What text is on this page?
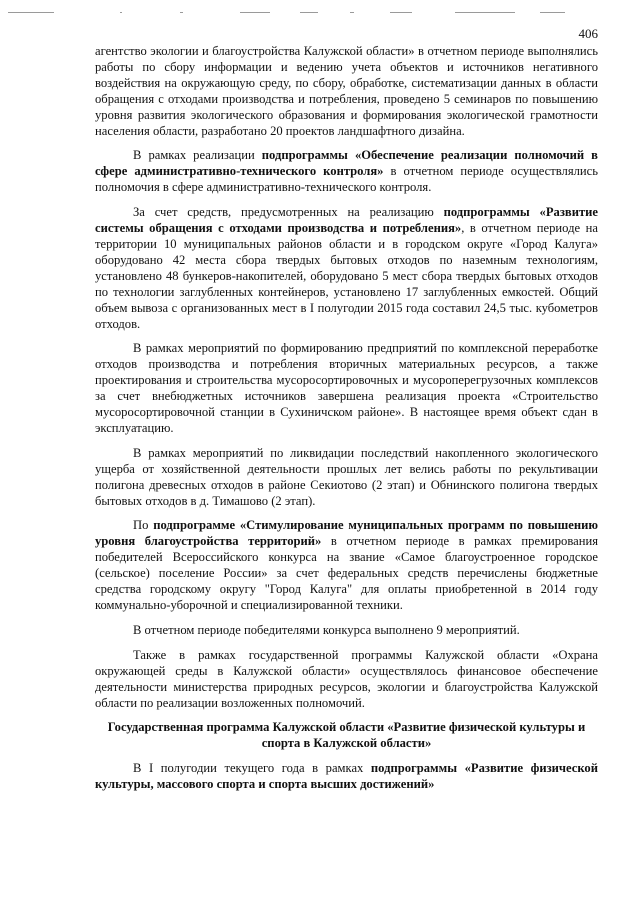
406

агентство экологии и благоустройства Калужской области» в отчетном периоде выполнялись работы по сбору информации и ведению учета объектов и источников негативного воздействия на окружающую среду, по сбору, обработке, систематизации данных в области обращения с отходами производства и потребления, проведено 5 семинаров по повышению уровня развития экологического образования и формирования экологической грамотности населения области, разработано 20 проектов ландшафтного дизайна.

В рамках реализации подпрограммы «Обеспечение реализации полномочий в сфере административно-технического контроля» в отчетном периоде осуществлялись полномочия в сфере административно-технического контроля.

За счет средств, предусмотренных на реализацию подпрограммы «Развитие системы обращения с отходами производства и потребления», в отчетном периоде на территории 10 муниципальных районов области и в городском округе «Город Калуга» оборудовано 42 места сбора твердых бытовых отходов по наземным технологиям, установлено 48 бункеров-накопителей, оборудовано 5 мест сбора твердых бытовых отходов по технологии заглубленных контейнеров, установлено 17 заглубленных емкостей. Общий объем вывоза с организованных мест в I полугодии 2015 года составил 24,5 тыс. кубометров отходов.

В рамках мероприятий по формированию предприятий по комплексной переработке отходов производства и потребления вторичных материальных ресурсов, а также проектирования и строительства мусоросортировочных и мусороперегрузочных комплексов за счет внебюджетных источников завершена реализация проекта «Строительство мусоросортировочной станции в Сухиничском районе». В настоящее время объект сдан в эксплуатацию.

В рамках мероприятий по ликвидации последствий накопленного экологического ущерба от хозяйственной деятельности прошлых лет велись работы по рекультивации полигона древесных отходов в районе Секиотово (2 этап) и Обнинского полигона твердых бытовых отходов в д. Тимашово (2 этап).

По подпрограмме «Стимулирование муниципальных программ по повышению уровня благоустройства территорий» в отчетном периоде в рамках премирования победителей Всероссийского конкурса на звание «Самое благоустроенное городское (сельское) поселение России» за счет федеральных средств перечислены бюджетные средства городскому округу "Город Калуга" для оплаты приобретенной в 2014 году коммунально-уборочной и специализированной техники.

В отчетном периоде победителями конкурса выполнено 9 мероприятий.

Также в рамках государственной программы Калужской области «Охрана окружающей среды в Калужской области» осуществлялось финансовое обеспечение деятельности министерства природных ресурсов, экологии и благоустройства Калужской области по реализации возложенных полномочий.

Государственная программа Калужской области «Развитие физической культуры и спорта в Калужской области»

В I полугодии текущего года в рамках подпрограммы «Развитие физической культуры, массового спорта и спорта высших достижений»
